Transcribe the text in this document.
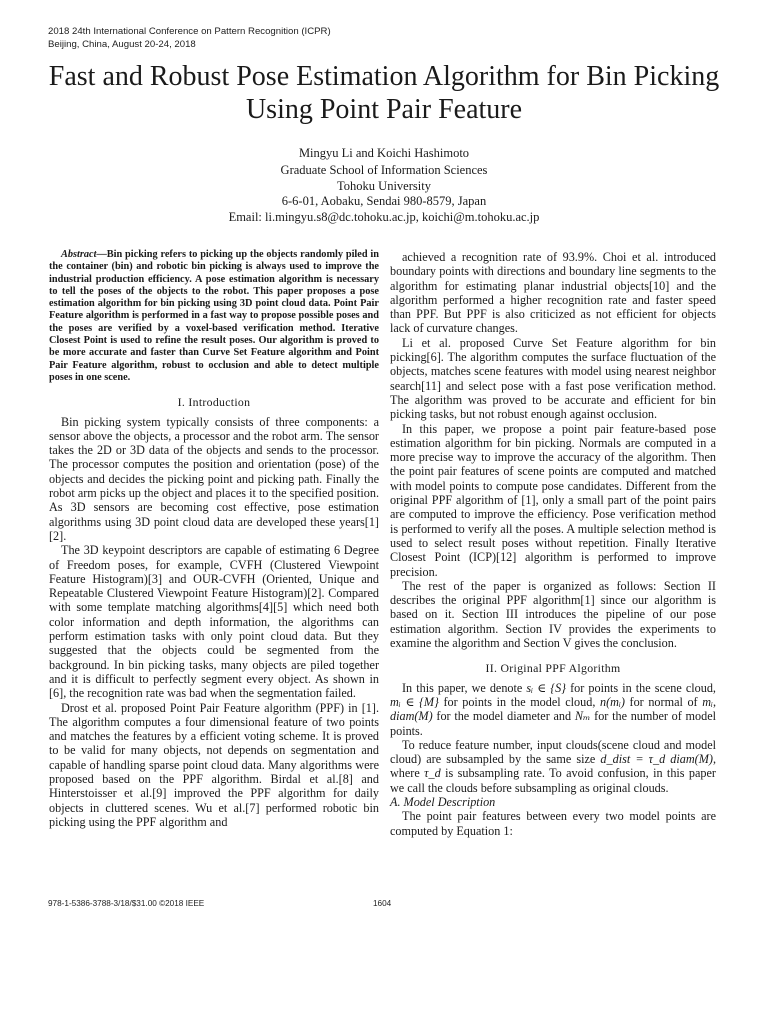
2018 24th International Conference on Pattern Recognition (ICPR)
Beijing, China, August 20-24, 2018
Fast and Robust Pose Estimation Algorithm for Bin Picking Using Point Pair Feature
Mingyu Li and Koichi Hashimoto
Graduate School of Information Sciences
Tohoku University
6-6-01, Aobaku, Sendai 980-8579, Japan
Email: li.mingyu.s8@dc.tohoku.ac.jp, koichi@m.tohoku.ac.jp

Abstract—Bin picking refers to picking up the objects randomly piled in the container (bin) and robotic bin picking is always used to improve the industrial production efficiency. A pose estimation algorithm is necessary to tell the poses of the objects to the robot. This paper proposes a pose estimation algorithm for bin picking using 3D point cloud data. Point Pair Feature algorithm is performed in a fast way to propose possible poses and the poses are verified by a voxel-based verification method. Iterative Closest Point is used to refine the result poses. Our algorithm is proved to be more accurate and faster than Curve Set Feature algorithm and Point Pair Feature algorithm, robust to occlusion and able to detect multiple poses in one scene.

I. Introduction

Bin picking system typically consists of three components: a sensor above the objects, a processor and the robot arm. The sensor takes the 2D or 3D data of the objects and sends to the processor. The processor computes the position and orientation (pose) of the objects and decides the picking point and picking path. Finally the robot arm picks up the object and places it to the specified position. As 3D sensors are becoming cost effective, pose estimation algorithms using 3D point cloud data are developed these years[1][2].

The 3D keypoint descriptors are capable of estimating 6 Degree of Freedom poses, for example, CVFH (Clustered Viewpoint Feature Histogram)[3] and OUR-CVFH (Oriented, Unique and Repeatable Clustered Viewpoint Feature Histogram)[2]. Compared with some template matching algorithms[4][5] which need both color information and depth information, the algorithms can perform estimation tasks with only point cloud data. But they suggested that the objects could be segmented from the background. In bin picking tasks, many objects are piled together and it is difficult to perfectly segment every object. As shown in [6], the recognition rate was bad when the segmentation failed.

Drost et al. proposed Point Pair Feature algorithm (PPF) in [1]. The algorithm computes a four dimensional feature of two points and matches the features by a efficient voting scheme. It is proved to be valid for many objects, not depends on segmentation and capable of handling sparse point cloud data. Many algorithms were proposed based on the PPF algorithm. Birdal et al.[8] and Hinterstoisser et al.[9] improved the PPF algorithm for daily objects in cluttered scenes. Wu et al.[7] performed robotic bin picking using the PPF algorithm and

achieved a recognition rate of 93.9%. Choi et al. introduced boundary points with directions and boundary line segments to the algorithm for estimating planar industrial objects[10] and the algorithm performed a higher recognition rate and faster speed than PPF. But PPF is also criticized as not efficient for objects lack of curvature changes.

Li et al. proposed Curve Set Feature algorithm for bin picking[6]. The algorithm computes the surface fluctuation of the objects, matches scene features with model using nearest neighbor search[11] and select pose with a fast pose verification method. The algorithm was proved to be accurate and efficient for bin picking tasks, but not robust enough against occlusion.

In this paper, we propose a point pair feature-based pose estimation algorithm for bin picking. Normals are computed in a more precise way to improve the accuracy of the algorithm. Then the point pair features of scene points are computed and matched with model points to compute pose candidates. Different from the original PPF algorithm of [1], only a small part of the point pairs are computed to improve the efficiency. Pose verification method is performed to verify all the poses. A multiple selection method is used to select result poses without repetition. Finally Iterative Closest Point (ICP)[12] algorithm is performed to improve precision.

The rest of the paper is organized as follows: Section II describes the original PPF algorithm[1] since our algorithm is based on it. Section III introduces the pipeline of our pose estimation algorithm. Section IV provides the experiments to examine the algorithm and Section V gives the conclusion.

II. Original PPF Algorithm

In this paper, we denote sᵢ ∈ {S} for points in the scene cloud, mᵢ ∈ {M} for points in the model cloud, n(mᵢ) for normal of mᵢ, diam(M) for the model diameter and Nₘ for the number of model points.

To reduce feature number, input clouds(scene cloud and model cloud) are subsampled by the same size d_dist = τ_d diam(M), where τ_d is subsampling rate. To avoid confusion, in this paper we call the clouds before subsampling as original clouds.

A. Model Description

The point pair features between every two model points are computed by Equation 1:

978-1-5386-3788-3/18/$31.00 ©2018 IEEE	1604
